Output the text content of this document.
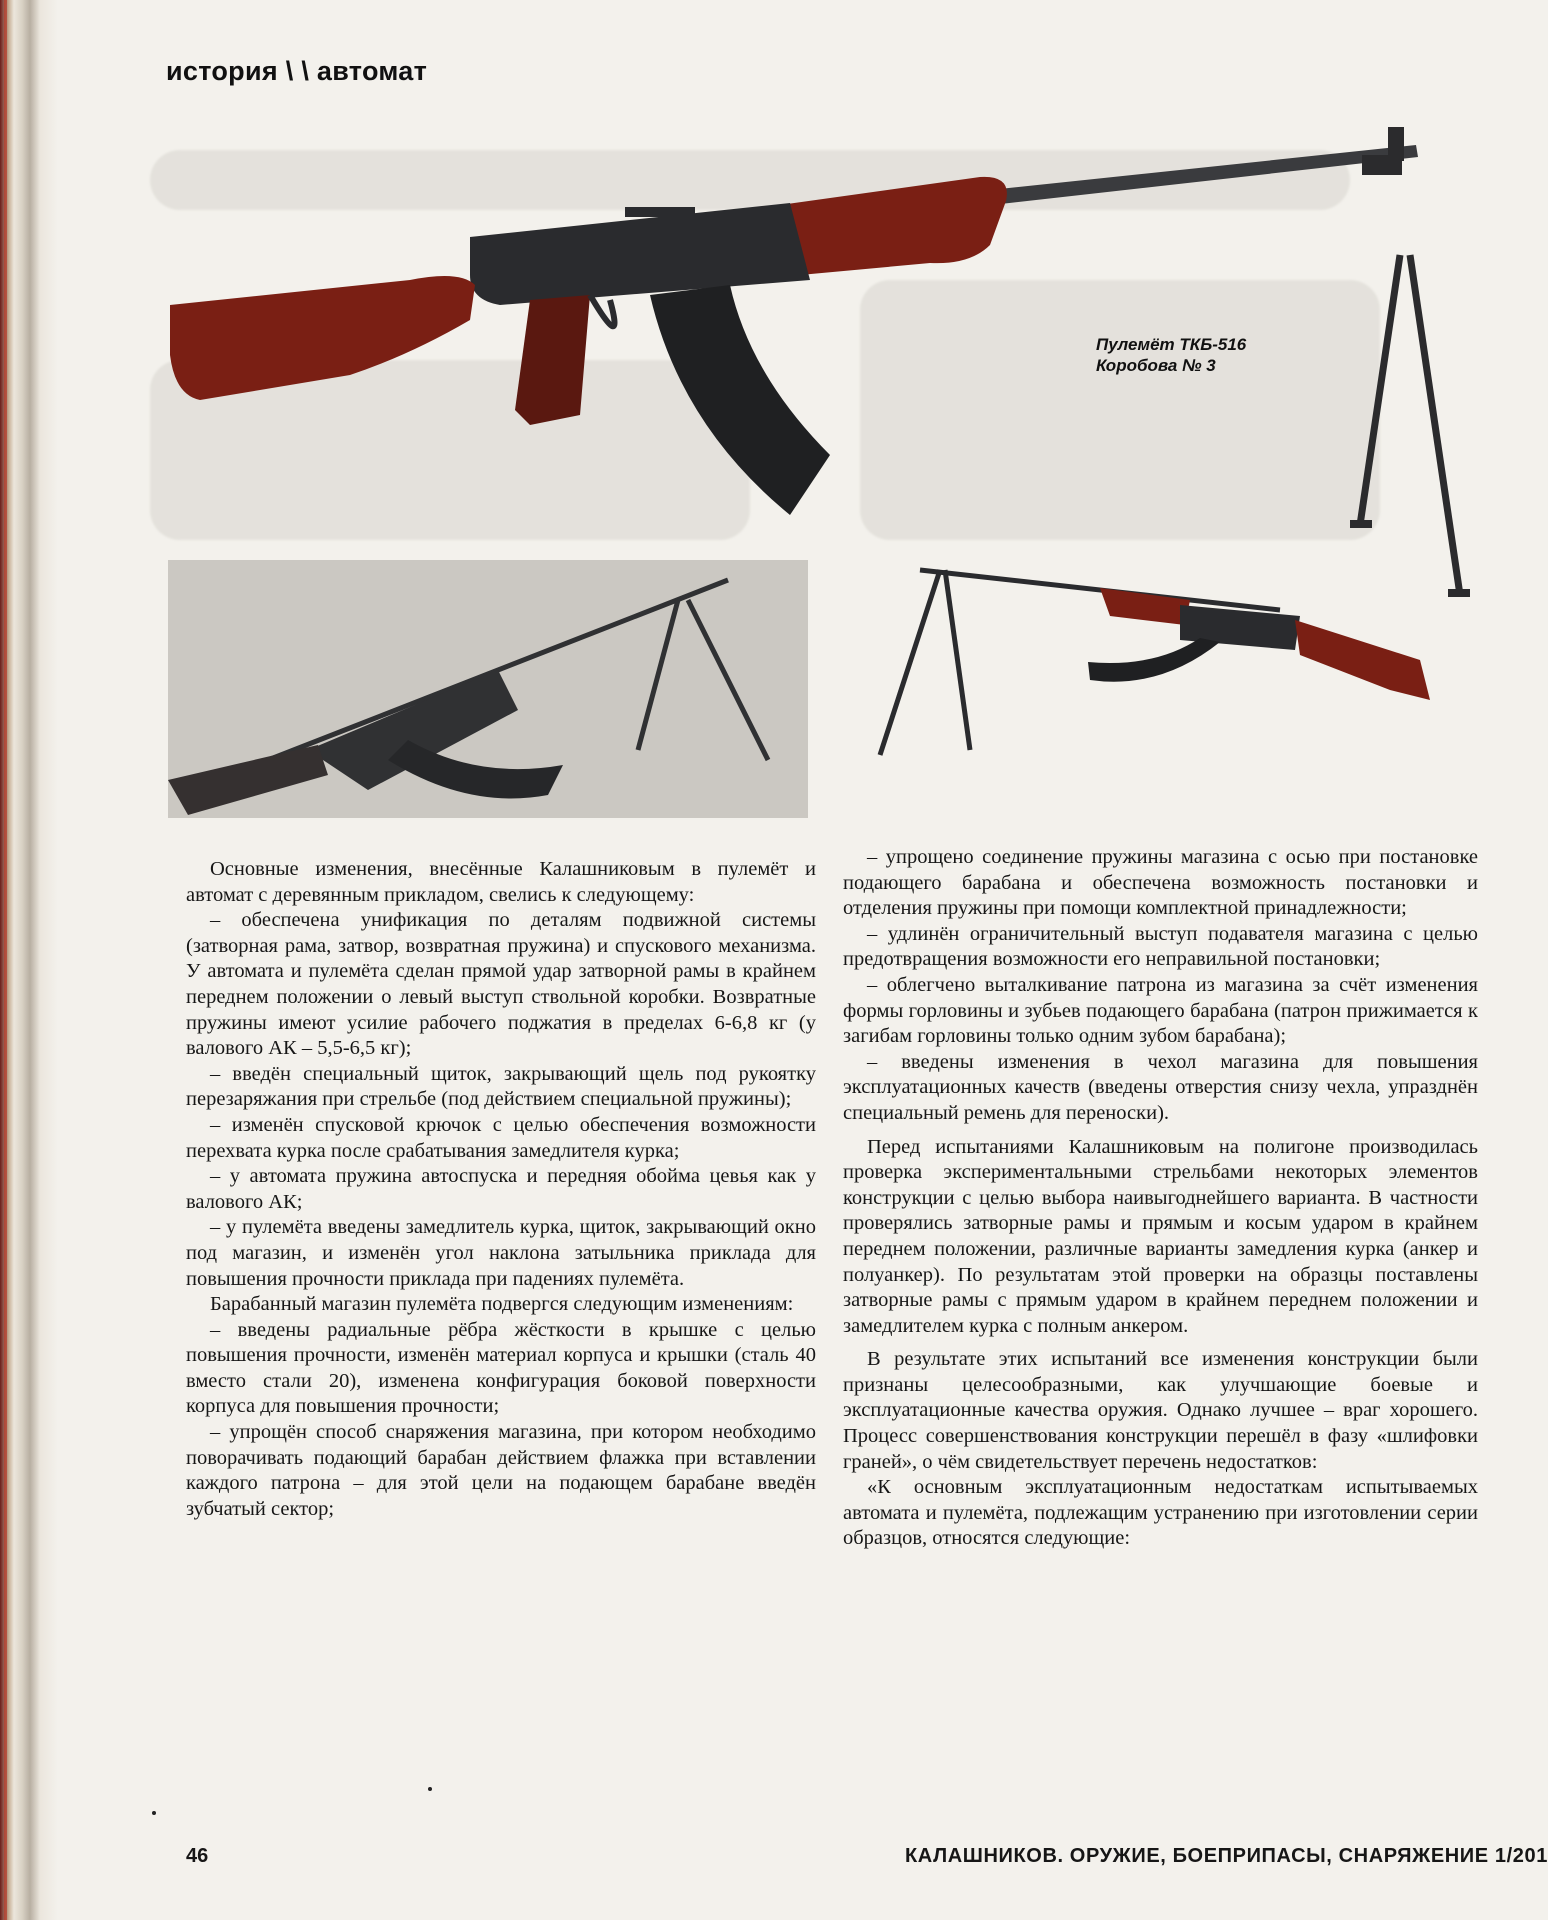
история \ \ автомат
Пулемёт ТКБ-516
Коробова № 3

Основные изменения, внесённые Калашниковым в пулемёт и автомат с деревянным прикладом, свелись к следующему:

– обеспечена унификация по деталям подвижной системы (затворная рама, затвор, возвратная пружина) и спускового механизма. У автомата и пулемёта сделан прямой удар затворной рамы в крайнем переднем положении о левый выступ ствольной коробки. Возвратные пружины имеют усилие рабочего поджатия в пределах 6-6,8 кг (у валового АК – 5,5-6,5 кг);

– введён специальный щиток, закрывающий щель под рукоятку перезаряжания при стрельбе (под действием специальной пружины);

– изменён спусковой крючок с целью обеспечения возможности перехвата курка после срабатывания замедлителя курка;

– у автомата пружина автоспуска и передняя обойма цевья как у валового АК;

– у пулемёта введены замедлитель курка, щиток, закрывающий окно под магазин, и изменён угол наклона затыльника приклада для повышения прочности приклада при падениях пулемёта.

Барабанный магазин пулемёта подвергся следующим изменениям:

– введены радиальные рёбра жёсткости в крышке с целью повышения прочности, изменён материал корпуса и крышки (сталь 40 вместо стали 20), изменена конфигурация боковой поверхности корпуса для повышения прочности;

– упрощён способ снаряжения магазина, при котором необходимо поворачивать подающий барабан действием флажка при вставлении каждого патрона – для этой цели на подающем барабане введён зубчатый сектор;

– упрощено соединение пружины магазина с осью при постановке подающего барабана и обеспечена возможность постановки и отделения пружины при помощи комплектной принадлежности;

– удлинён ограничительный выступ подавателя магазина с целью предотвращения возможности его неправильной постановки;

– облегчено выталкивание патрона из магазина за счёт изменения формы горловины и зубьев подающего барабана (патрон прижимается к загибам горловины только одним зубом барабана);

– введены изменения в чехол магазина для повышения эксплуатационных качеств (введены отверстия снизу чехла, упразднён специальный ремень для переноски).

Перед испытаниями Калашниковым на полигоне производилась проверка экспериментальными стрельбами некоторых элементов конструкции с целью выбора наивыгоднейшего варианта. В частности проверялись затворные рамы и прямым и косым ударом в крайнем переднем положении, различные варианты замедления курка (анкер и полуанкер). По результатам этой проверки на образцы поставлены затворные рамы с прямым ударом в крайнем переднем положении и замедлителем курка с полным анкером.

В результате этих испытаний все изменения конструкции были признаны целесообразными, как улучшающие боевые и эксплуатационные качества оружия. Однако лучшее – враг хорошего. Процесс совершенствования конструкции перешёл в фазу «шлифовки граней», о чём свидетельствует перечень недостатков:

«К основным эксплуатационным недостаткам испытываемых автомата и пулемёта, подлежащим устранению при изготовлении серии образцов, относятся следующие:

46	КАЛАШНИКОВ. ОРУЖИЕ, БОЕПРИПАСЫ, СНАРЯЖЕНИЕ 1/201
